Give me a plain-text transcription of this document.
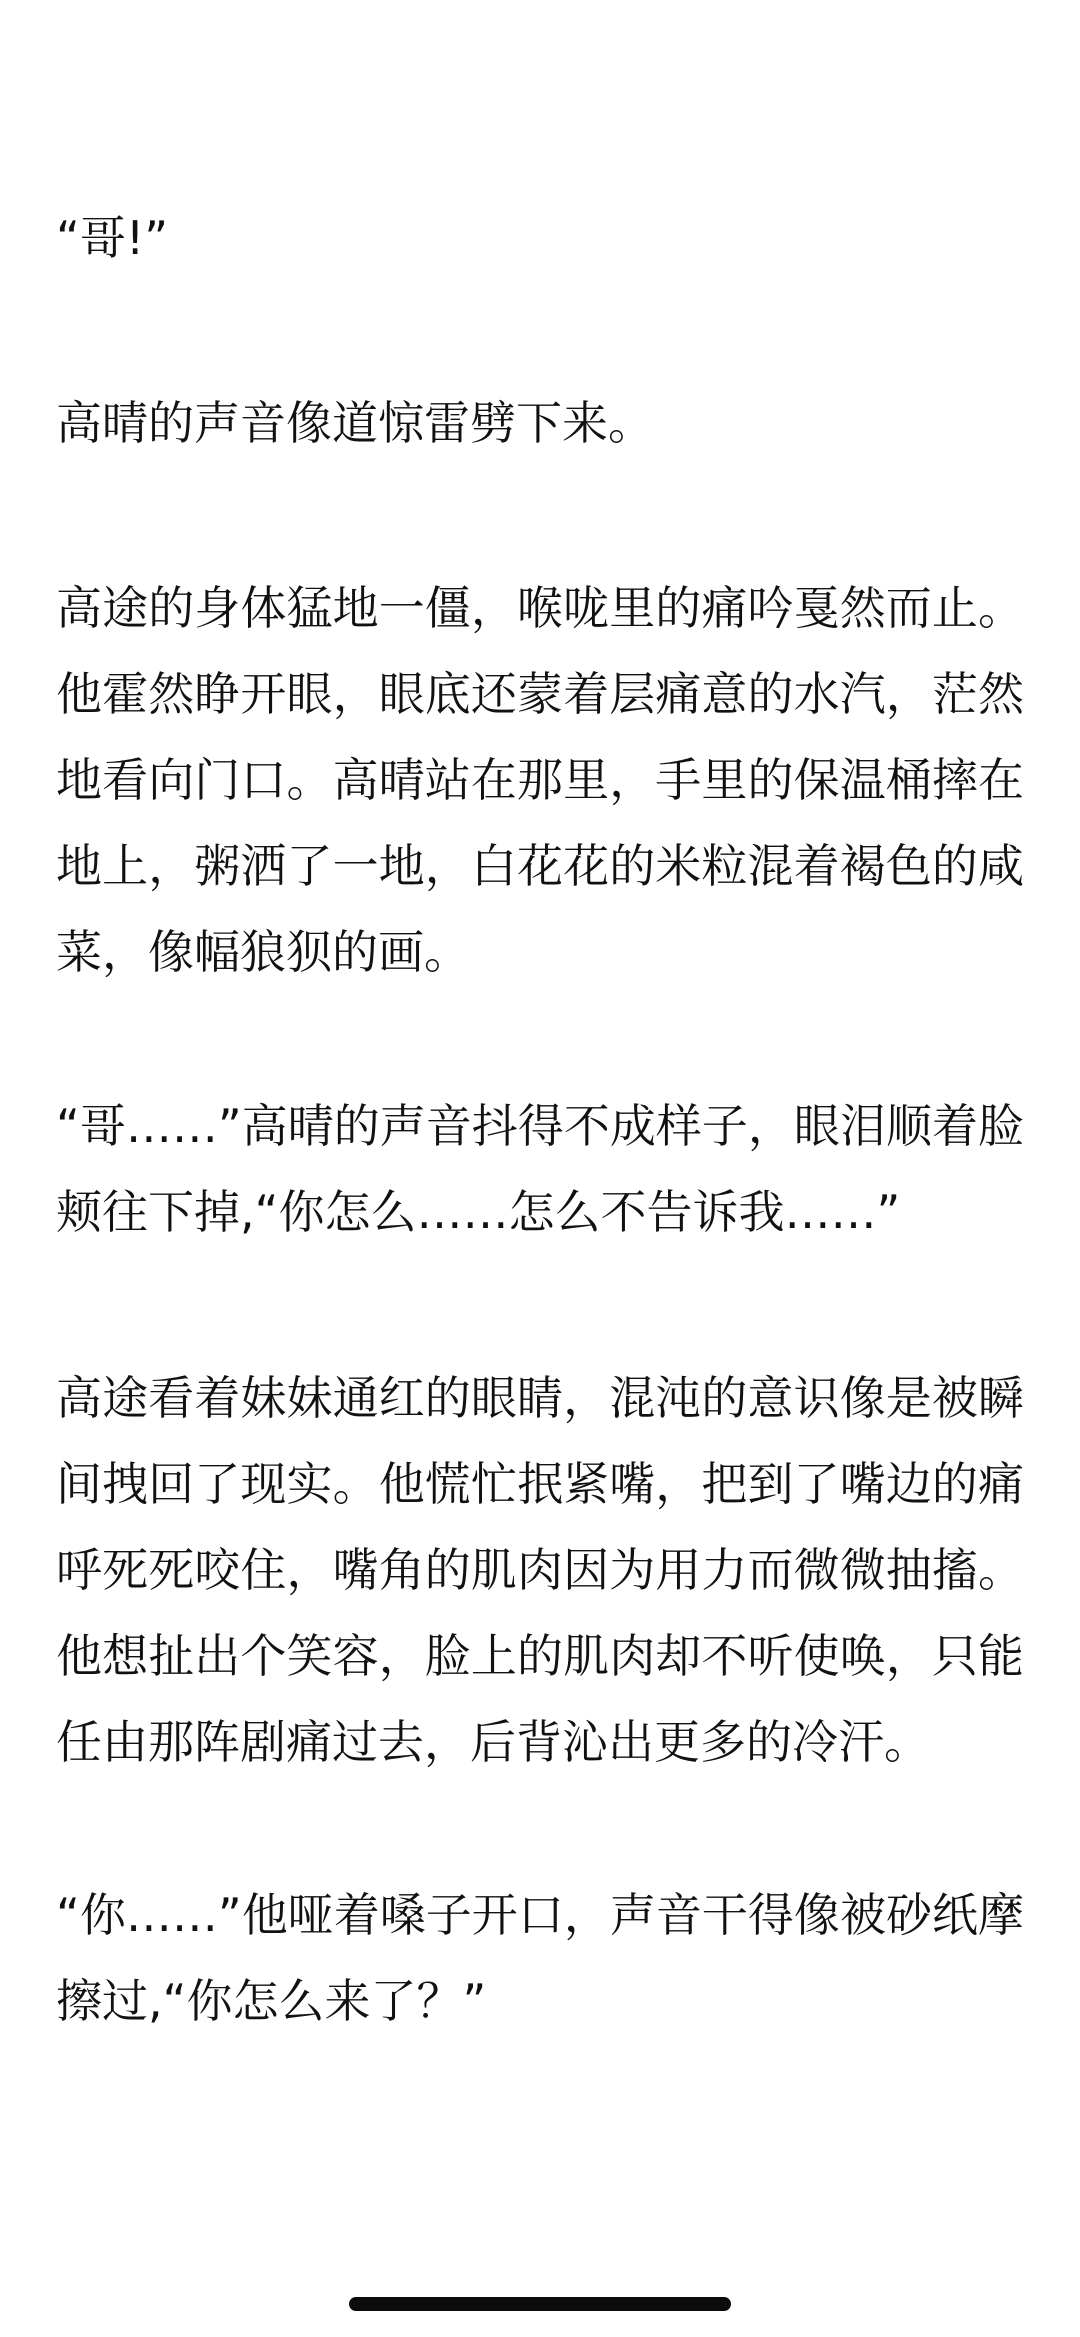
“哥!”

高晴的声音像道惊雷劈下来。

高途的身体猛地一僵，喉咙里的痛吟戛然而止。他霍然睁开眼，眼底还蒙着层痛意的水汽，茫然地看向门口。高晴站在那里，手里的保温桶摔在地上，粥洒了一地，白花花的米粒混着褐色的咸菜，像幅狼狈的画。

“哥……”高晴的声音抖得不成样子，眼泪顺着脸颊往下掉,“你怎么……怎么不告诉我……”

高途看着妹妹通红的眼睛，混沌的意识像是被瞬间拽回了现实。他慌忙抿紧嘴，把到了嘴边的痛呼死死咬住，嘴角的肌肉因为用力而微微抽搐。他想扯出个笑容，脸上的肌肉却不听使唤，只能任由那阵剧痛过去，后背沁出更多的冷汗。

“你……”他哑着嗓子开口，声音干得像被砂纸摩擦过,“你怎么来了？”
